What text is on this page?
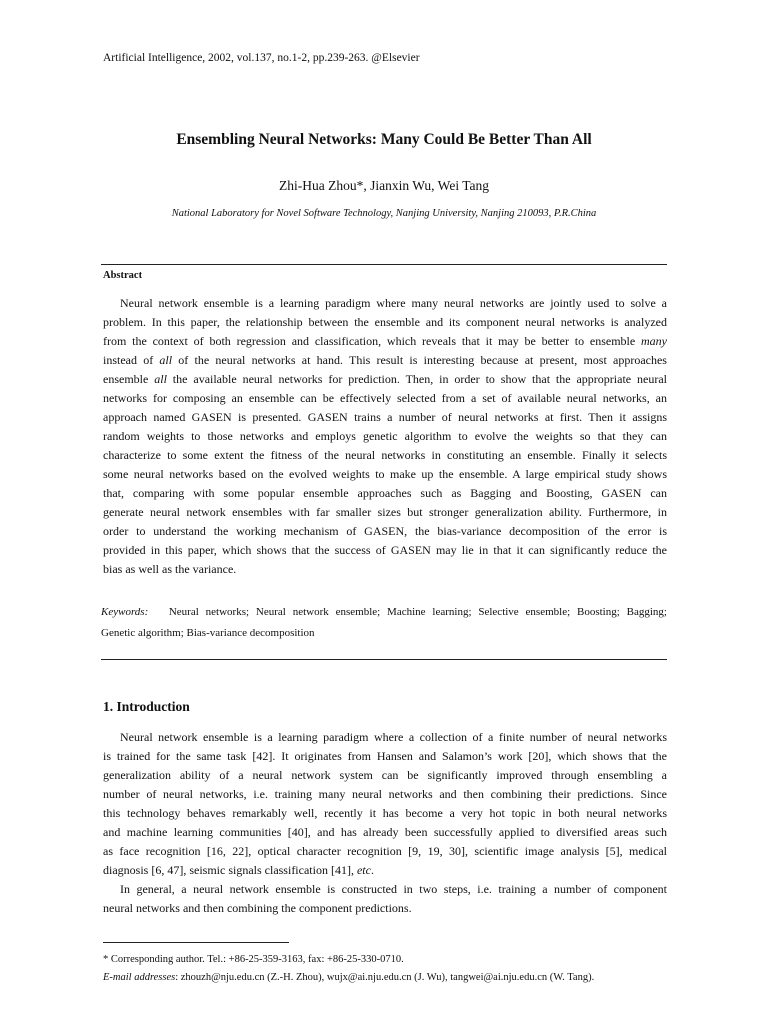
Artificial Intelligence, 2002, vol.137, no.1-2, pp.239-263. @Elsevier
Ensembling Neural Networks: Many Could Be Better Than All
Zhi-Hua Zhou*, Jianxin Wu, Wei Tang
National Laboratory for Novel Software Technology, Nanjing University, Nanjing 210093, P.R.China
Abstract
Neural network ensemble is a learning paradigm where many neural networks are jointly used to solve a
problem. In this paper, the relationship between the ensemble and its component neural networks is analyzed
from the context of both regression and classification, which reveals that it may be better to ensemble many
instead of all of the neural networks at hand. This result is interesting because at present, most approaches
ensemble all the available neural networks for prediction. Then, in order to show that the appropriate neural
networks for composing an ensemble can be effectively selected from a set of available neural networks, an
approach named GASEN is presented. GASEN trains a number of neural networks at first. Then it assigns
random weights to those networks and employs genetic algorithm to evolve the weights so that they can
characterize to some extent the fitness of the neural networks in constituting an ensemble. Finally it selects
some neural networks based on the evolved weights to make up the ensemble. A large empirical study shows
that, comparing with some popular ensemble approaches such as Bagging and Boosting, GASEN can
generate neural network ensembles with far smaller sizes but stronger generalization ability. Furthermore, in
order to understand the working mechanism of GASEN, the bias-variance decomposition of the error is
provided in this paper, which shows that the success of GASEN may lie in that it can significantly reduce the
bias as well as the variance.
Keywords: Neural networks; Neural network ensemble; Machine learning; Selective ensemble; Boosting; Bagging;
Genetic algorithm; Bias-variance decomposition
1. Introduction
Neural network ensemble is a learning paradigm where a collection of a finite number of neural networks
is trained for the same task [42]. It originates from Hansen and Salamon’s work [20], which shows that the
generalization ability of a neural network system can be significantly improved through ensembling a
number of neural networks, i.e. training many neural networks and then combining their predictions. Since
this technology behaves remarkably well, recently it has become a very hot topic in both neural networks
and machine learning communities [40], and has already been successfully applied to diversified areas such
as face recognition [16, 22], optical character recognition [9, 19, 30], scientific image analysis [5], medical
diagnosis [6, 47], seismic signals classification [41], etc.
In general, a neural network ensemble is constructed in two steps, i.e. training a number of component
neural networks and then combining the component predictions.
* Corresponding author. Tel.: +86-25-359-3163, fax: +86-25-330-0710.
E-mail addresses: zhouzh@nju.edu.cn (Z.-H. Zhou), wujx@ai.nju.edu.cn (J. Wu), tangwei@ai.nju.edu.cn (W. Tang).
